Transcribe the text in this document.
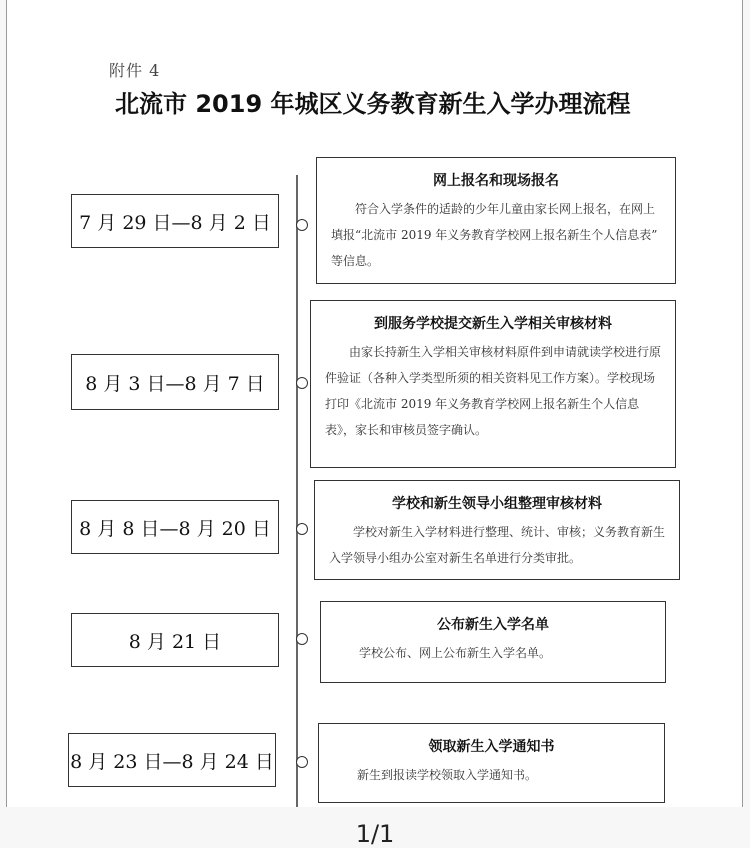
附件 4
北流市 2019 年城区义务教育新生入学办理流程
7 月 29 日—8 月 2 日
网上报名和现场报名

符合入学条件的适龄的少年儿童由家长网上报名，在网上填报“北流市 2019 年义务教育学校网上报名新生个人信息表” 等信息。

8 月 3 日—8 月 7 日
到服务学校提交新生入学相关审核材料

由家长持新生入学相关审核材料原件到申请就读学校进行原件验证（各种入学类型所须的相关资料见工作方案）。学校现场打印《北流市 2019 年义务教育学校网上报名新生个人信息表》，家长和审核员签字确认。

8 月 8 日—8 月 20 日
学校和新生领导小组整理审核材料

学校对新生入学材料进行整理、统计、审核；义务教育新生入学领导小组办公室对新生名单进行分类审批。

8 月 21 日
公布新生入学名单

学校公布、网上公布新生入学名单。

8 月 23 日—8 月 24 日
领取新生入学通知书

新生到报读学校领取入学通知书。

1/1
